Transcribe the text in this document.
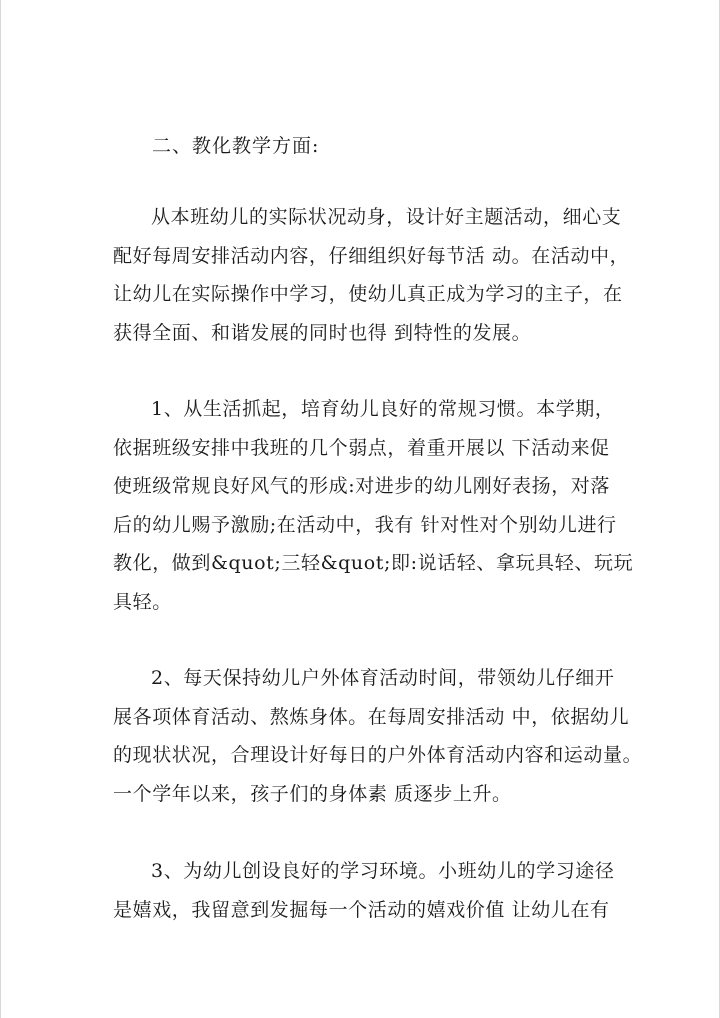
二、教化教学方面:
从本班幼儿的实际状况动身，设计好主题活动，细心支
配好每周安排活动内容，仔细组织好每节活 动。在活动中，
让幼儿在实际操作中学习，使幼儿真正成为学习的主子，在
获得全面、和谐发展的同时也得 到特性的发展。
1、从生活抓起，培育幼儿良好的常规习惯。本学期，
依据班级安排中我班的几个弱点，着重开展以 下活动来促
使班级常规良好风气的形成:对进步的幼儿刚好表扬，对落
后的幼儿赐予激励;在活动中，我有 针对性对个别幼儿进行
教化，做到&quot;三轻&quot;即:说话轻、拿玩具轻、玩玩
具轻。
2、每天保持幼儿户外体育活动时间，带领幼儿仔细开
展各项体育活动、熬炼身体。在每周安排活动 中，依据幼儿
的现状状况，合理设计好每日的户外体育活动内容和运动量。
一个学年以来，孩子们的身体素 质逐步上升。
3、为幼儿创设良好的学习环境。小班幼儿的学习途径
是嬉戏，我留意到发掘每一个活动的嬉戏价值 让幼儿在有
